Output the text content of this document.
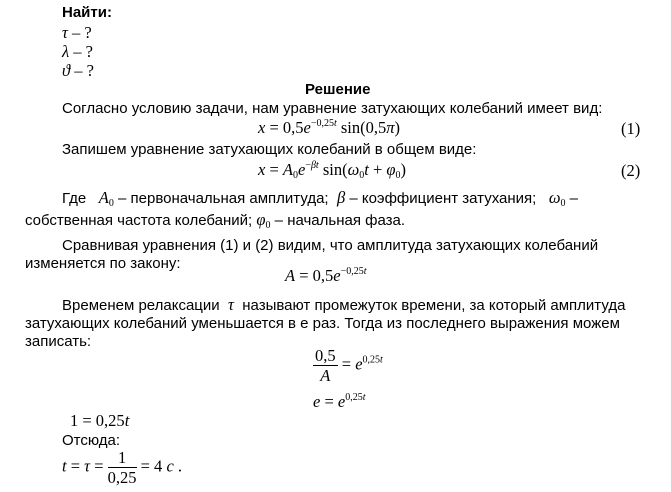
Найти:
τ – ?
λ – ?
ϑ – ?
Решение
Согласно условию задачи, нам уравнение затухающих колебаний имеет вид:
$x = 0,5e^{-0,25t}$ sin(0,5π)	(1)
Запишем уравнение затухающих колебаний в общем виде:
$x = A_0e^{-\beta t}$ $\sin(\omega_0t + \varphi_0)$	(2)
Где $A_0$ – первоначальная амплитуда; β – коэффициент затухания; $\omega_0$ –
собственная частота колебаний; $\varphi_0$ – начальная фаза.
Сравнивая уравнения (1) и (2) видим, что амплитуда затухающих колебаний
изменяется по закону:
$A = 0,5e^{-0,25t}$
Временем релаксации τ  называют промежуток времени, за который амплитуда
затухающих колебаний уменьшается в е раз. Тогда из последнего выражения можем
записать:
$\frac{0,5}{A} = e^{0,25t}$
$e = e^{0,25t}$
1 = 0,25t
Отсюда:
$t = \tau = \frac{1}{0,25} = 4$ с .
